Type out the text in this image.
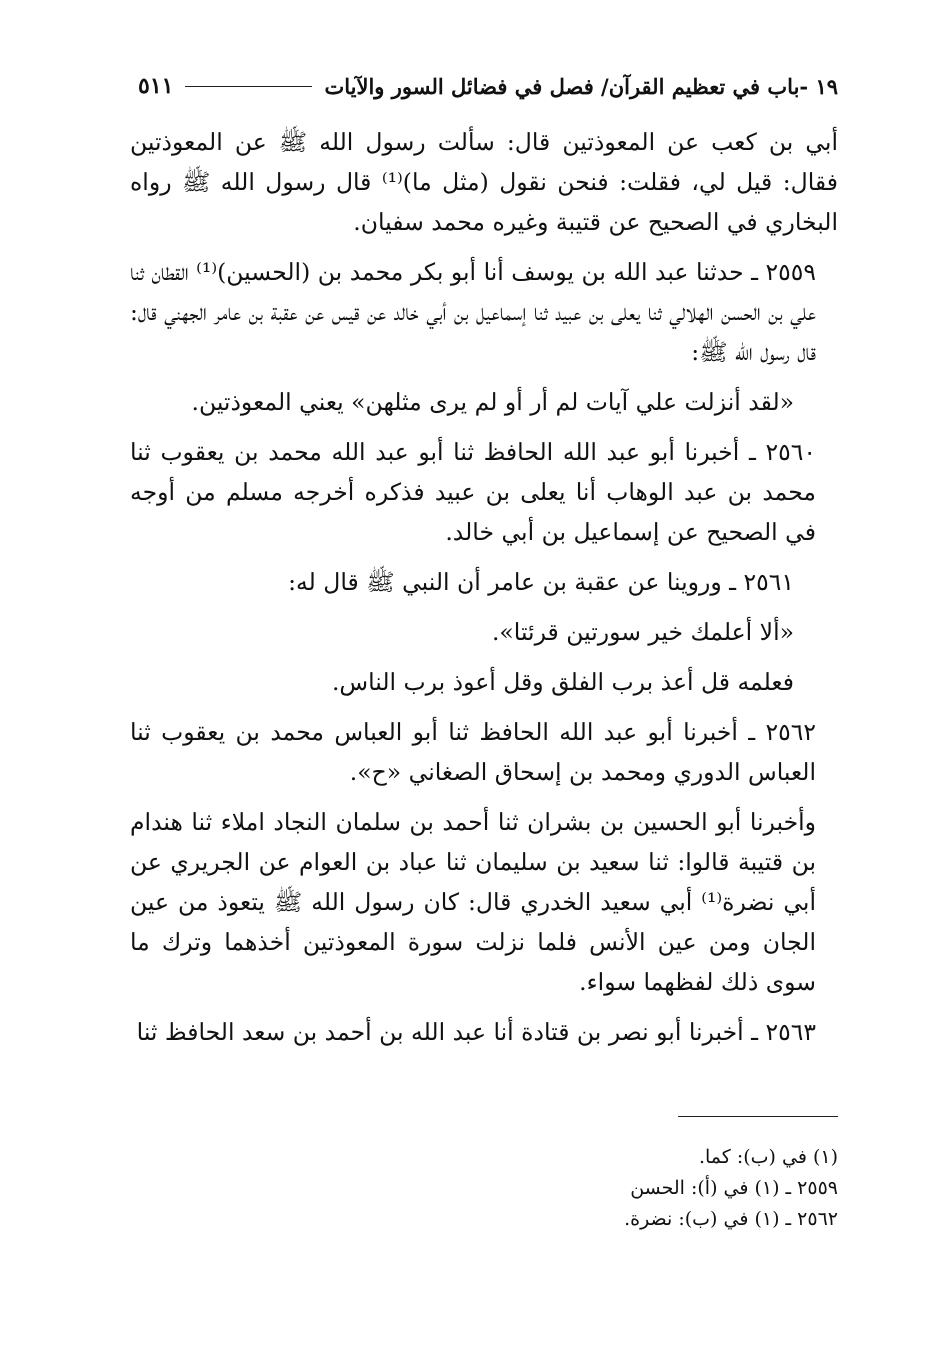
١٩ -باب في تعظيم القرآن/ فصل في فضائل السور والآيات
٥١١

أبي بن كعب عن المعوذتين قال: سألت رسول الله ﷺ عن المعوذتين فقال: قيل لي، فقلت: فنحن نقول (مثل ما)⁽¹⁾ قال رسول الله ﷺ رواه البخاري في الصحيح عن قتيبة وغيره محمد سفيان.

٢٥٥٩ ـ حدثنا عبد الله بن يوسف أنا أبو بكر محمد بن (الحسين)⁽¹⁾ القطان ثنا علي بن الحسن الهلالي ثنا يعلى بن عبيد ثنا إسماعيل بن أبي خالد عن قيس عن عقبة بن عامر الجهني قال: قال رسول الله ﷺ:

«لقد أنزلت علي آيات لم أر أو لم يرى مثلهن» يعني المعوذتين.

٢٥٦٠ ـ أخبرنا أبو عبد الله الحافظ ثنا أبو عبد الله محمد بن يعقوب ثنا محمد بن عبد الوهاب أنا يعلى بن عبيد فذكره أخرجه مسلم من أوجه في الصحيح عن إسماعيل بن أبي خالد.

٢٥٦١ ـ وروينا عن عقبة بن عامر أن النبي ﷺ قال له:

«ألا أعلمك خير سورتين قرئتا».

فعلمه قل أعذ برب الفلق وقل أعوذ برب الناس.

٢٥٦٢ ـ أخبرنا أبو عبد الله الحافظ ثنا أبو العباس محمد بن يعقوب ثنا العباس الدوري ومحمد بن إسحاق الصغاني «ح».

وأخبرنا أبو الحسين بن بشران ثنا أحمد بن سلمان النجاد املاء ثنا هندام بن قتيبة قالوا: ثنا سعيد بن سليمان ثنا عباد بن العوام عن الجريري عن أبي نضرة⁽¹⁾ أبي سعيد الخدري قال: كان رسول الله ﷺ يتعوذ من عين الجان ومن عين الأنس فلما نزلت سورة المعوذتين أخذهما وترك ما سوى ذلك لفظهما سواء.

٢٥٦٣ ـ أخبرنا أبو نصر بن قتادة أنا عبد الله بن أحمد بن سعد الحافظ ثنا

(١) في (ب): كما.
٢٥٥٩ ـ (١) في (أ): الحسن
٢٥٦٢ ـ (١) في (ب): نضرة.
